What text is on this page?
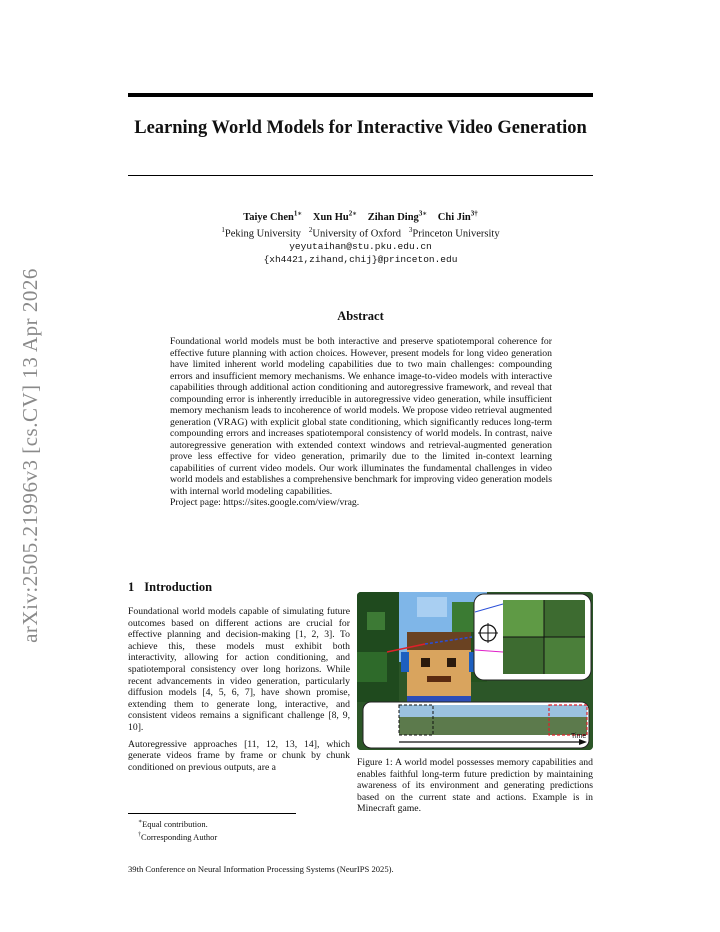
arXiv:2505.21996v3 [cs.CV] 13 Apr 2026
Learning World Models for Interactive Video Generation
Taiye Chen$^{1∗}$ Xun $Hu^{2∗}$ Zihan Ding$^{3∗}$ Chi Jin$^{3\dagger}$
$^1$Peking University $^2$University of Oxford $^3$Princeton University
yeyutaihan@stu.pku.edu.cn
{xh4421,zihand,chij}@princeton.edu
Abstract
Foundational world models must be both interactive and preserve spatiotemporal coherence for effective future planning with action choices. However, present models for long video generation have limited inherent world modeling capabilities due to two main challenges: compounding errors and insufficient memory mechanisms. We enhance image-to-video models with interactive capabilities through additional action conditioning and autoregressive framework, and reveal that compounding error is inherently irreducible in autoregressive video generation, while insufficient memory mechanism leads to incoherence of world models. We propose video retrieval augmented generation (VRAG) with explicit global state conditioning, which significantly reduces long-term compounding errors and increases spatiotemporal consistency of world models. In contrast, naive autoregressive generation with extended context windows and retrieval-augmented generation prove less effective for video generation, primarily due to the limited in-context learning capabilities of current video models. Our work illuminates the fundamental challenges in video world models and establishes a comprehensive benchmark for improving video generation models with internal world modeling capabilities.
Project page: https://sites.google.com/view/vrag.
1 Introduction

Foundational world models capable of simulating future outcomes based on different actions are crucial for effective planning and decision-making [1, 2, 3]. To achieve this, these models must exhibit both interactivity, allowing for action conditioning, and spatiotemporal consistency over long horizons. While recent advancements in video generation, particularly diffusion models [4, 5, 6, 7], have shown promise, extending them to generate long, interactive, and consistent videos remains a significant challenge [8, 9, 10].

Autoregressive approaches [11, 12, 13, 14], which generate videos frame by frame or chunk by chunk conditioned on previous outputs, are a

Time
Figure 1: A world model possesses memory capabilities and enables faithful long-term future prediction by maintaining awareness of its environment and generating predictions based on the current state and actions. Example is in Minecraft game.
∗Equal contribution.
†Corresponding Author
39th Conference on Neural Information Processing Systems (NeurIPS 2025).
